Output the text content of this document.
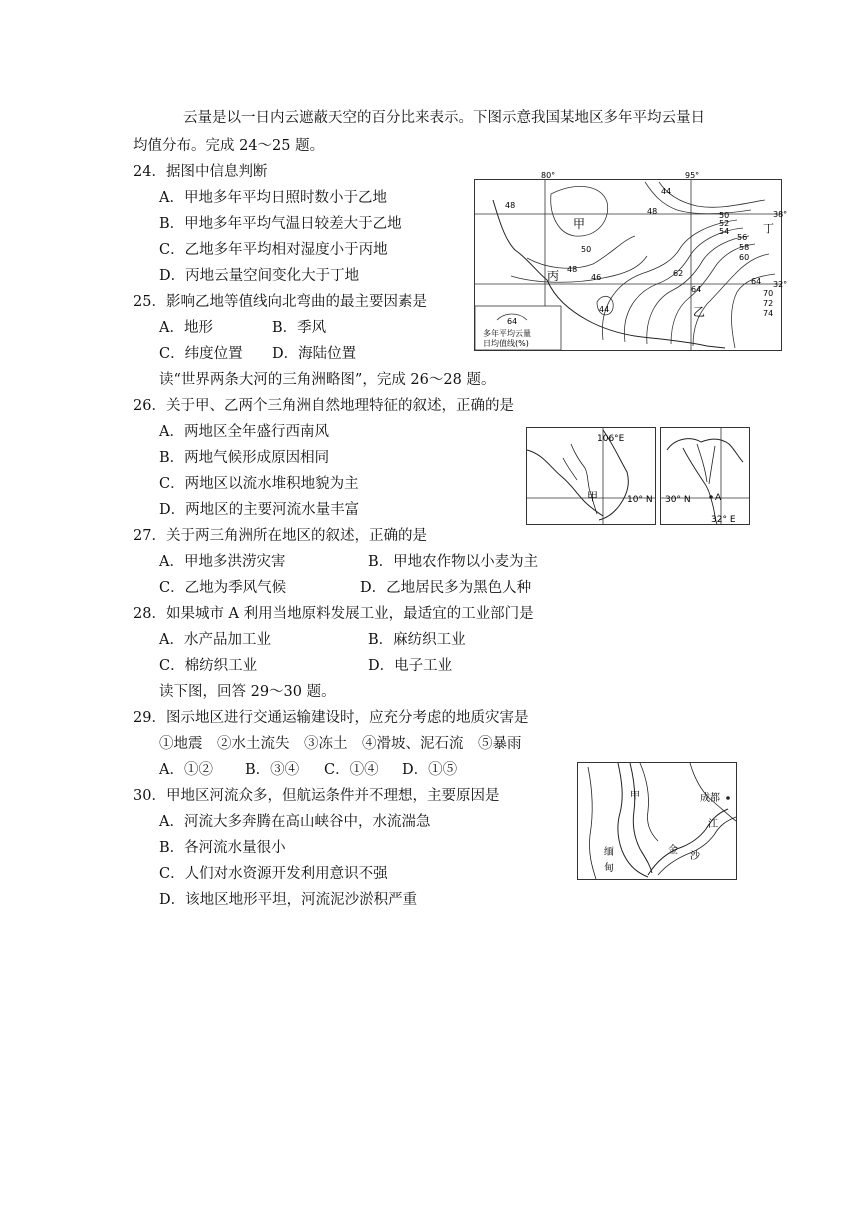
云量是以一日内云遮蔽天空的百分比来表示。下图示意我国某地区多年平均云量日
均值分布。完成 24～25 题。
24．据图中信息判断
A．甲地多年平均日照时数小于乙地
B．甲地多年平均气温日较差大于乙地
C．乙地多年平均相对湿度小于丙地
D．丙地云量空间变化大于丁地
25．影响乙地等值线向北弯曲的最主要因素是
A．地形	B．季风
C．纬度位置 D．海陆位置
80°	95°
38°
32°
甲
乙
丙
丁
48
48
48
50
50
52
54
56
58
60
62
64
64
44
44
46
70
72
74
64
多年平均云量
日均值线(%)
读“世界两条大河的三角洲略图”，完成 26～28 题。
26．关于甲、乙两个三角洲自然地理特征的叙述，正确的是
A．两地区全年盛行西南风
B．两地气候形成原因相同
C．两地区以流水堆积地貌为主
D．两地区的主要河流水量丰富
106°E
10° N
甲	30° N	A
32° E
27．关于两三角洲所在地区的叙述，正确的是
A．甲地多洪涝灾害	B．甲地农作物以小麦为主
C．乙地为季风气候	D．乙地居民多为黑色人种
28．如果城市 A 利用当地原料发展工业，最适宜的工业部门是
A．水产品加工业	B．麻纺织工业
C．棉纺织工业	D．电子工业
读下图，回答 29～30 题。
29．图示地区进行交通运输建设时，应充分考虑的地质灾害是
①地震　②水土流失　③冻土　④滑坡、泥石流　⑤暴雨
A．①② B．③④ C．①④ D．①⑤
30．甲地区河流众多，但航运条件并不理想，主要原因是
A．河流大多奔腾在高山峡谷中，水流湍急
B．各河流水量很小
C．人们对水资源开发利用意识不强
D．该地区地形平坦，河流泥沙淤积严重
甲	成都
江
缅
甸
金
沙
